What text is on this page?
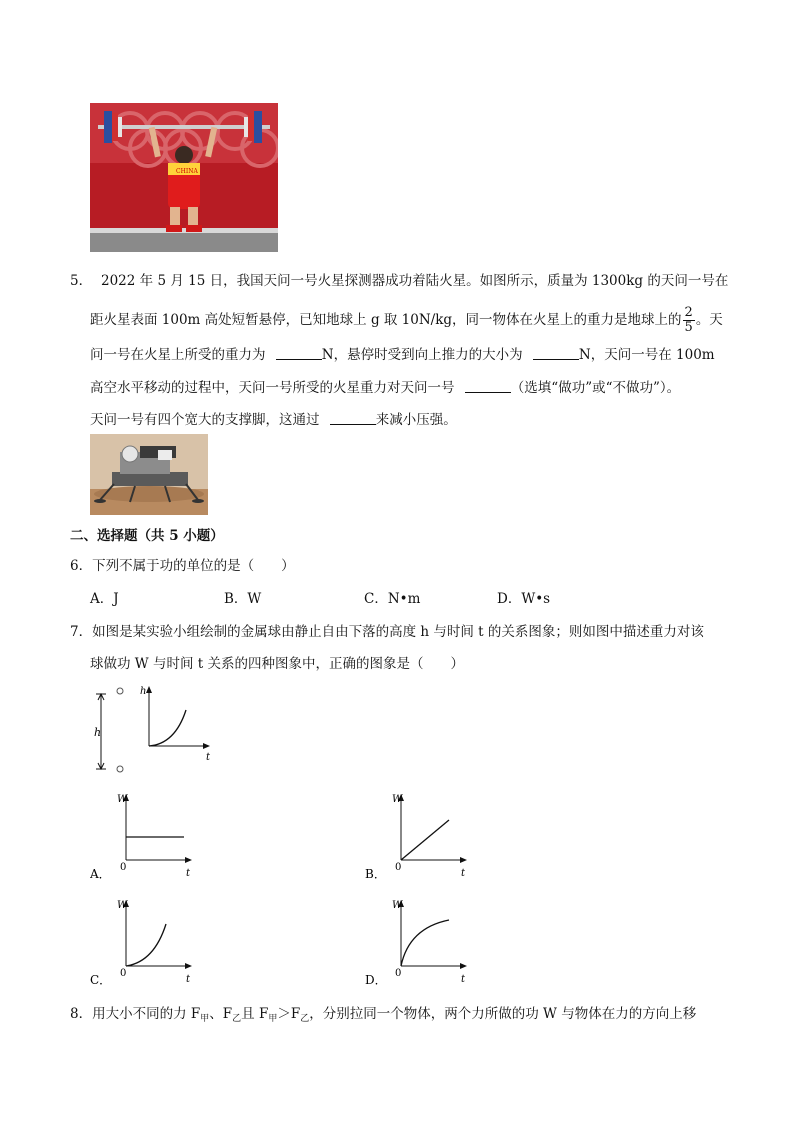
CHINA
5． 2022 年 5 月 15 日，我国天问一号火星探测器成功着陆火星。如图所示，质量为 1300kg 的天问一号在
距火星表面 100m 高处短暂悬停，已知地球上 g 取 10N/kg，同一物体在火星上的重力是地球上的 $\frac{2}{5}$ 。天
问一号在火星上所受的重力为	N，悬停时受到向上推力的大小为	N，天问一号在 100m
高空水平移动的过程中，天问一号所受的火星重力对天问一号	（选填“做功”或“不做功”）。
天问一号有四个宽大的支撑脚，这通过	来减小压强。
二、选择题（共 5 小题）
6．下列不属于功的单位的是（　　）
A．J	B．W	C．N•m	D．W•s
7．如图是某实验小组绘制的金属球由静止自由下落的高度 h 与时间 t 的关系图象；则如图中描述重力对该
球做功 W 与时间 t 关系的四种图象中，正确的图象是（　　）
h
h
t
W
t
0
A．
W
t
0
B．
W
t
0
C．
W
t
0
D．
8．用大小不同的力 $F_甲$、$F_乙$且 $F_甲>F_乙$，分别拉同一个物体，两个力所做的功 W 与物体在力的方向上移
